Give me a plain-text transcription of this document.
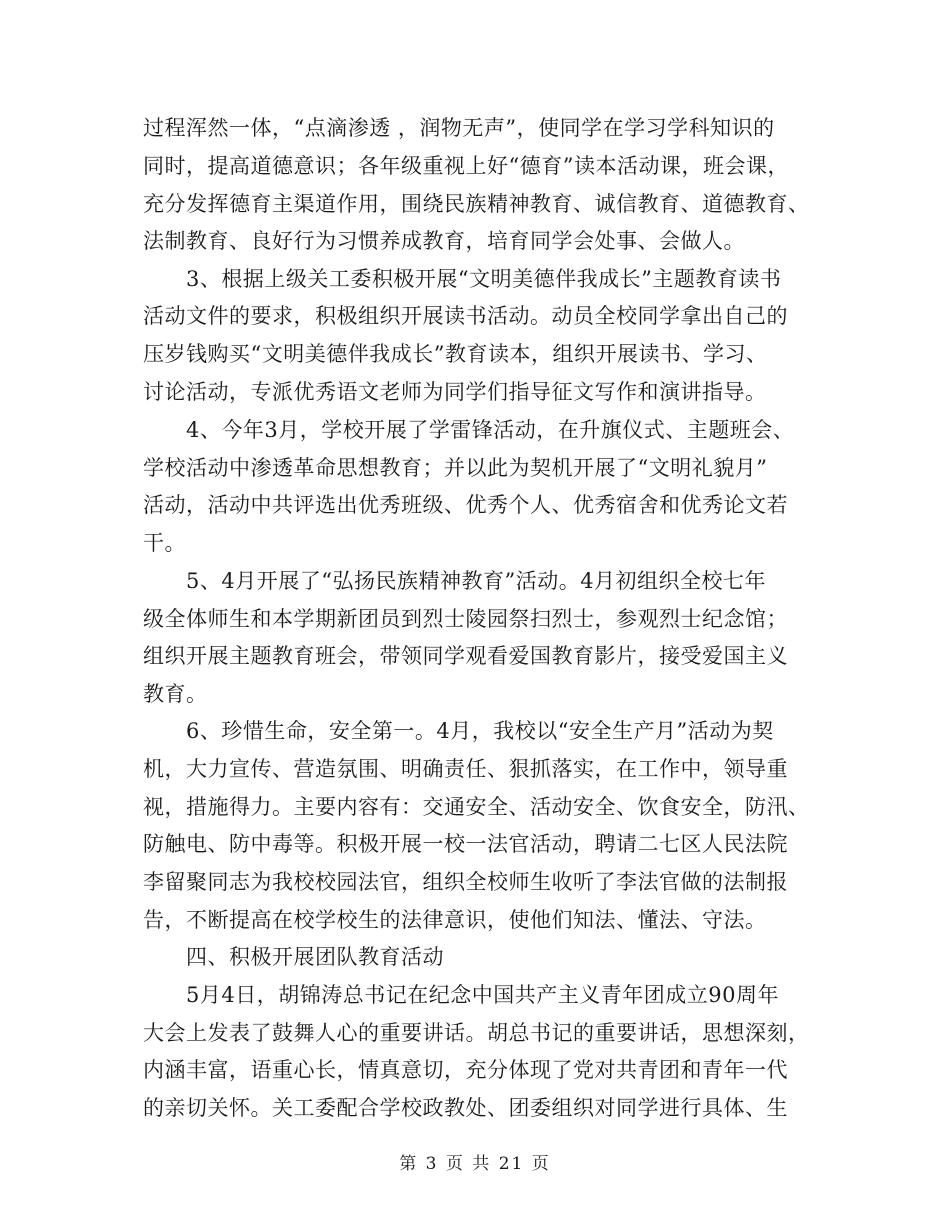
过程浑然一体，“点滴渗透 ，润物无声”，使同学在学习学科知识的
同时，提高道德意识；各年级重视上好“德育”读本活动课，班会课，
充分发挥德育主渠道作用，围绕民族精神教育、诚信教育、道德教育、
法制教育、良好行为习惯养成教育，培育同学会处事、会做人。
3、根据上级关工委积极开展“文明美德伴我成长”主题教育读书
活动文件的要求，积极组织开展读书活动。动员全校同学拿出自己的
压岁钱购买“文明美德伴我成长”教育读本，组织开展读书、学习、
讨论活动，专派优秀语文老师为同学们指导征文写作和演讲指导。
4、今年3月，学校开展了学雷锋活动，在升旗仪式、主题班会、
学校活动中渗透革命思想教育；并以此为契机开展了“文明礼貌月”
活动，活动中共评选出优秀班级、优秀个人、优秀宿舍和优秀论文若
干。
5、4月开展了“弘扬民族精神教育”活动。4月初组织全校七年
级全体师生和本学期新团员到烈士陵园祭扫烈士，参观烈士纪念馆；
组织开展主题教育班会，带领同学观看爱国教育影片，接受爱国主义
教育。
6、珍惜生命，安全第一。4月，我校以“安全生产月”活动为契
机，大力宣传、营造氛围、明确责任、狠抓落实，在工作中，领导重
视，措施得力。主要内容有：交通安全、活动安全、饮食安全，防汛、
防触电、防中毒等。积极开展一校一法官活动，聘请二七区人民法院
李留聚同志为我校校园法官，组织全校师生收听了李法官做的法制报
告，不断提高在校学校生的法律意识，使他们知法、懂法、守法。
四、积极开展团队教育活动
5月4日，胡锦涛总书记在纪念中国共产主义青年团成立90周年
大会上发表了鼓舞人心的重要讲话。胡总书记的重要讲话，思想深刻，
内涵丰富，语重心长，情真意切，充分体现了党对共青团和青年一代
的亲切关怀。关工委配合学校政教处、团委组织对同学进行具体、生
第 3 页 共 21 页
